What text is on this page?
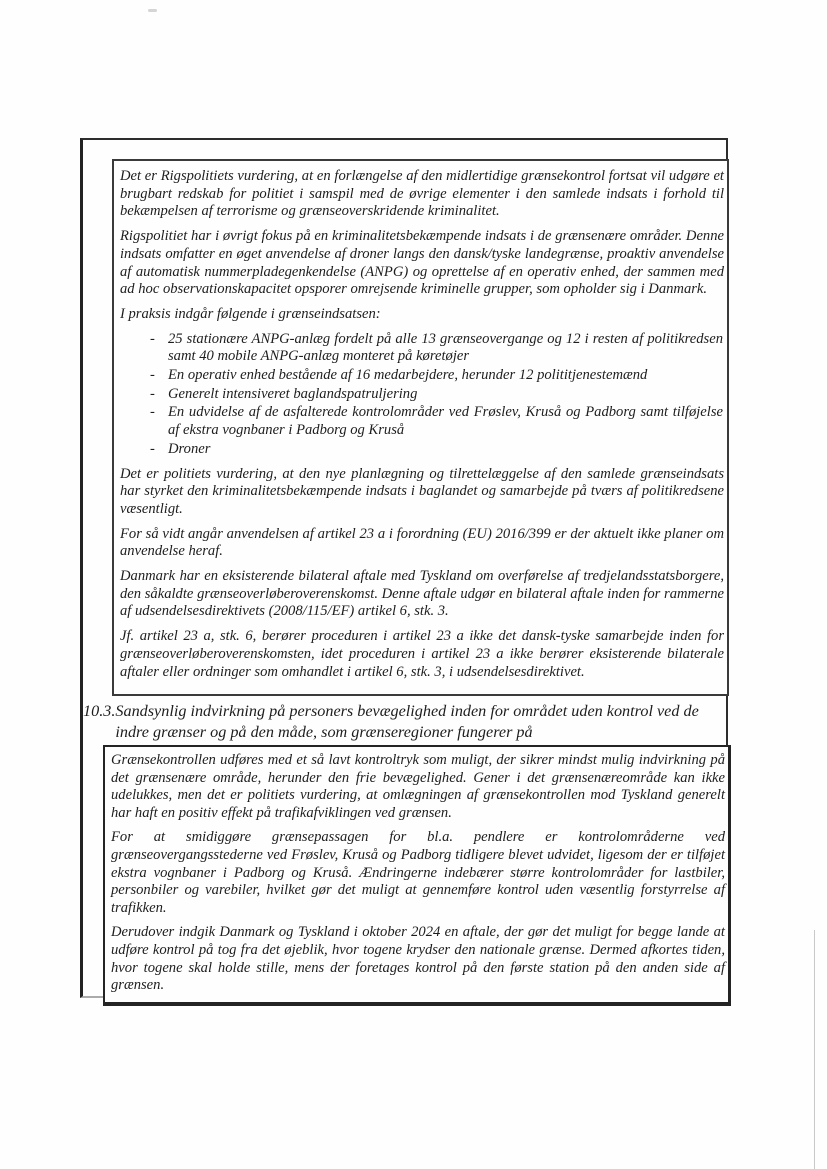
Det er Rigspolitiets vurdering, at en forlængelse af den midlertidige grænsekontrol fortsat vil udgøre et brugbart redskab for politiet i samspil med de øvrige elementer i den samlede indsats i forhold til bekæmpelsen af terrorisme og grænseoverskridende kriminalitet.

Rigspolitiet har i øvrigt fokus på en kriminalitetsbekæmpende indsats i de grænsenære områder. Denne indsats omfatter en øget anvendelse af droner langs den dansk/tyske landegrænse, proaktiv anvendelse af automatisk nummerpladegenkendelse (ANPG) og oprettelse af en operativ enhed, der sammen med ad hoc observationskapacitet opsporer omrejsende kriminelle grupper, som opholder sig i Danmark.

I praksis indgår følgende i grænseindsatsen:

- 25 stationære ANPG-anlæg fordelt på alle 13 grænseovergange og 12 i resten af politikredsen samt 40 mobile ANPG-anlæg monteret på køretøjer
- En operativ enhed bestående af 16 medarbejdere, herunder 12 polititjenestemænd
- Generelt intensiveret baglandspatruljering
- En udvidelse af de asfalterede kontrolområder ved Frøslev, Kruså og Padborg samt tilføjelse af ekstra vognbaner i Padborg og Kruså
- Droner

Det er politiets vurdering, at den nye planlægning og tilrettelæggelse af den samlede grænseindsats har styrket den kriminalitetsbekæmpende indsats i baglandet og samarbejde på tværs af politikredsene væsentligt.

For så vidt angår anvendelsen af artikel 23 a i forordning (EU) 2016/399 er der aktuelt ikke planer om anvendelse heraf.

Danmark har en eksisterende bilateral aftale med Tyskland om overførelse af tredjelandsstatsborgere, den såkaldte grænseoverløberoverenskomst. Denne aftale udgør en bilateral aftale inden for rammerne af udsendelsesdirektivets (2008/115/EF) artikel 6, stk. 3.

Jf. artikel 23 a, stk. 6, berører proceduren i artikel 23 a ikke det dansk-tyske samarbejde inden for grænseoverløberoverenskomsten, idet proceduren i artikel 23 a ikke berører eksisterende bilaterale aftaler eller ordninger som omhandlet i artikel 6, stk. 3, i udsendelsesdirektivet.

10.3. Sandsynlig indvirkning på personers bevægelighed inden for området uden kontrol ved de indre grænser og på den måde, som grænseregioner fungerer på

Grænsekontrollen udføres med et så lavt kontroltryk som muligt, der sikrer mindst mulig indvirkning på det grænsenære område, herunder den frie bevægelighed. Gener i det grænsenæreområde kan ikke udelukkes, men det er politiets vurdering, at omlægningen af grænsekontrollen mod Tyskland generelt har haft en positiv effekt på trafikafviklingen ved grænsen.

For at smidiggøre grænsepassagen for bl.a. pendlere er kontrolområderne ved grænseovergangsstederne ved Frøslev, Kruså og Padborg tidligere blevet udvidet, ligesom der er tilføjet ekstra vognbaner i Padborg og Kruså. Ændringerne indebærer større kontrolområder for lastbiler, personbiler og varebiler, hvilket gør det muligt at gennemføre kontrol uden væsentlig forstyrrelse af trafikken.

Derudover indgik Danmark og Tyskland i oktober 2024 en aftale, der gør det muligt for begge lande at udføre kontrol på tog fra det øjeblik, hvor togene krydser den nationale grænse. Dermed afkortes tiden, hvor togene skal holde stille, mens der foretages kontrol på den første station på den anden side af grænsen.
